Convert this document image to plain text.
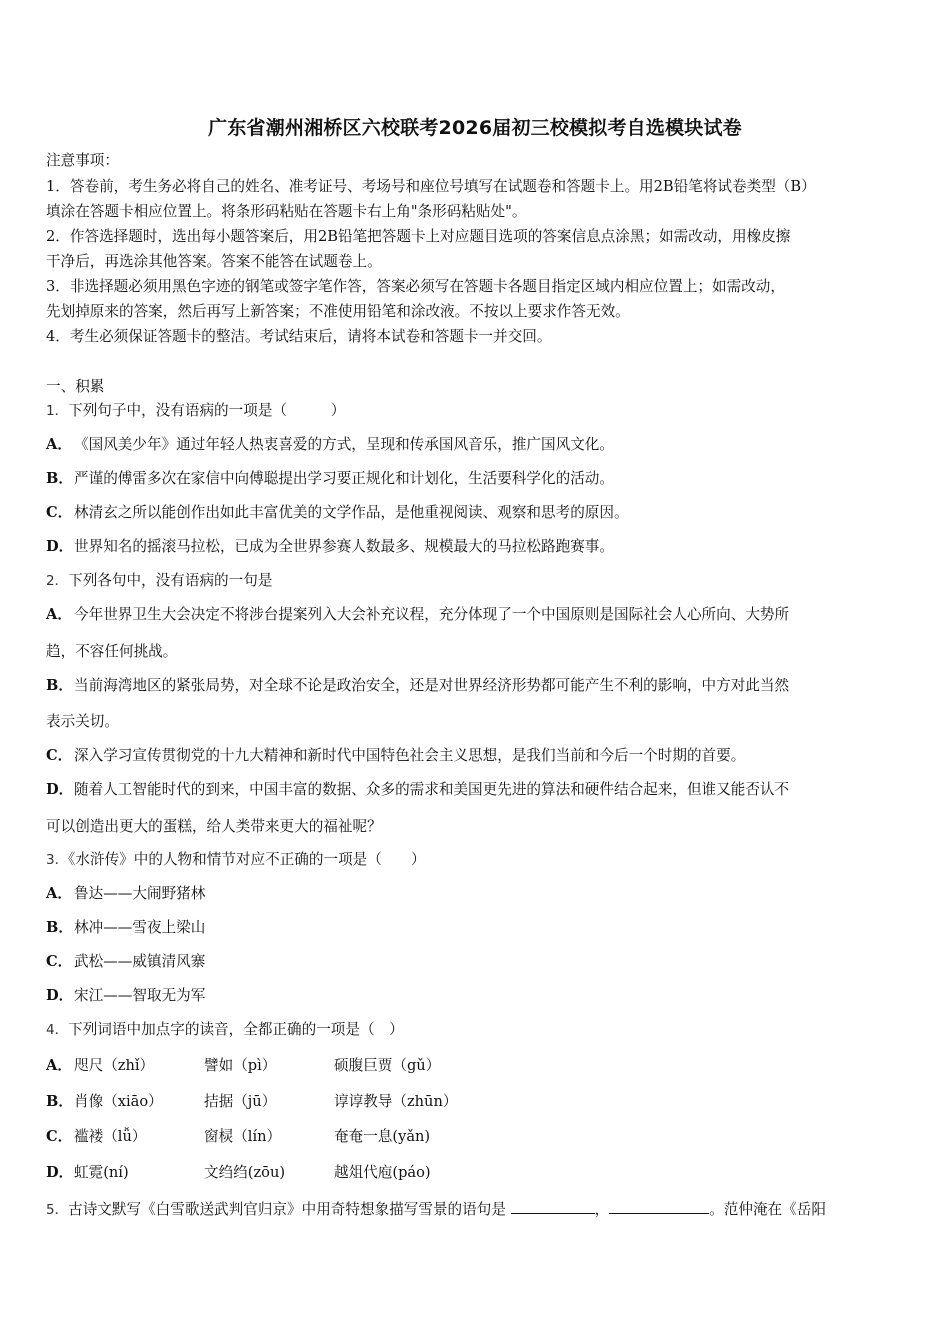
广东省潮州湘桥区六校联考2026届初三校模拟考自选模块试卷
注意事项：
1．答卷前，考生务必将自己的姓名、准考证号、考场号和座位号填写在试题卷和答题卡上。用2B铅笔将试卷类型（B）
填涂在答题卡相应位置上。将条形码粘贴在答题卡右上角"条形码粘贴处"。
2．作答选择题时，选出每小题答案后，用2B铅笔把答题卡上对应题目选项的答案信息点涂黑；如需改动，用橡皮擦
干净后，再选涂其他答案。答案不能答在试题卷上。
3．非选择题必须用黑色字迹的钢笔或签字笔作答，答案必须写在答题卡各题目指定区域内相应位置上；如需改动，
先划掉原来的答案，然后再写上新答案；不准使用铅笔和涂改液。不按以上要求作答无效。
4．考生必须保证答题卡的整洁。考试结束后，请将本试卷和答题卡一并交回。
一、积累
1．下列句子中，没有语病的一项是（　　　）
A． 《国风美少年》通过年轻人热衷喜爱的方式，呈现和传承国风音乐，推广国风文化。
B．严谨的傅雷多次在家信中向傅聪提出学习要正规化和计划化，生活要科学化的活动。
C． 林清玄之所以能创作出如此丰富优美的文学作品，是他重视阅读、观察和思考的原因。
D．世界知名的摇滚马拉松，已成为全世界参赛人数最多、规模最大的马拉松路跑赛事。
2．下列各句中，没有语病的一句是
A． 今年世界卫生大会决定不将涉台提案列入大会补充议程，充分体现了一个中国原则是国际社会人心所向、大势所
趋，不容任何挑战。
B．当前海湾地区的紧张局势，对全球不论是政治安全，还是对世界经济形势都可能产生不利的影响，中方对此当然
表示关切。
C． 深入学习宣传贯彻党的十九大精神和新时代中国特色社会主义思想，是我们当前和今后一个时期的首要。
D．随着人工智能时代的到来，中国丰富的数据、众多的需求和美国更先进的算法和硬件结合起来，但谁又能否认不
可以创造出更大的蛋糕，给人类带来更大的福祉呢？
3．《水浒传》中的人物和情节对应不正确的一项是（　　）
A． 鲁达——大闹野猪林
B．林冲——雪夜上梁山
C． 武松——威镇清风寨
D．宋江——智取无为军
4．下列词语中加点字的读音，全都正确的一项是（　）
A． 咫尺（zhǐ）	譬如（pì）	硕腹巨贾（gǔ）
B．肖像（xiāo）	拮据（jū）	谆谆教导（zhūn）
C． 褴褛（lǚ）	窗棂（lín）	奄奄一息(yǎn)
D．虹霓(ní)	文绉绉(zōu)	越俎代庖(páo)
5．古诗文默写《白雪歌送武判官归京》中用奇特想象描写雪景的语句是	，	。范仲淹在《岳阳
